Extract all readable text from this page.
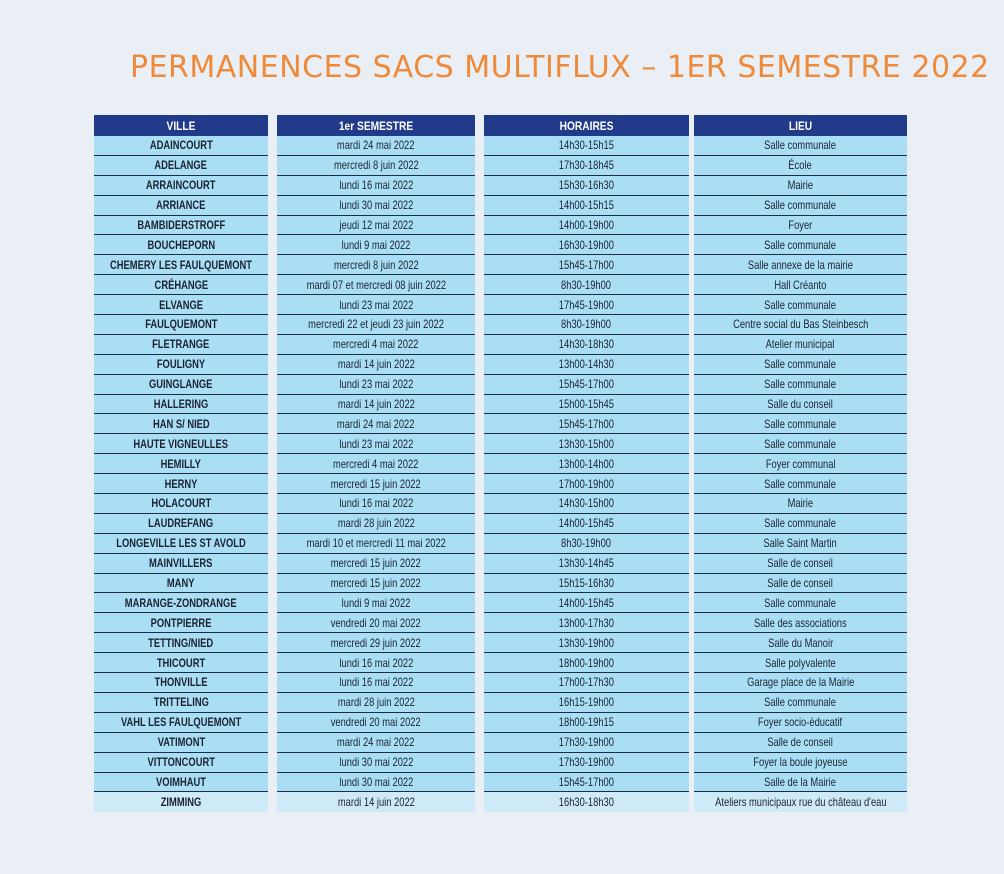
PERMANENCES SACS MULTIFLUX – 1ER SEMESTRE 2022
VILLE
ADAINCOURT
ADELANGE
ARRAINCOURT
ARRIANCE
BAMBIDERSTROFF
BOUCHEPORN
CHEMERY LES FAULQUEMONT
CRÉHANGE
ELVANGE
FAULQUEMONT
FLETRANGE
FOULIGNY
GUINGLANGE
HALLERING
HAN S/ NIED
HAUTE VIGNEULLES
HEMILLY
HERNY
HOLACOURT
LAUDREFANG
LONGEVILLE LES ST AVOLD
MAINVILLERS
MANY
MARANGE-ZONDRANGE
PONTPIERRE
TETTING/NIED
THICOURT
THONVILLE
TRITTELING
VAHL LES FAULQUEMONT
VATIMONT
VITTONCOURT
VOIMHAUT
ZIMMING
1er SEMESTRE
mardi 24 mai 2022
mercredi 8 juin 2022
lundi 16 mai 2022
lundi 30 mai 2022
jeudi 12 mai 2022
lundi 9 mai 2022
mercredi 8 juin 2022
mardi 07 et mercredi 08 juin 2022
lundi 23 mai 2022
mercredi 22 et jeudi 23 juin 2022
mercredi 4 mai 2022
mardi 14 juin 2022
lundi 23 mai 2022
mardi 14 juin 2022
mardi 24 mai 2022
lundi 23 mai 2022
mercredi 4 mai 2022
mercredi 15 juin 2022
lundi 16 mai 2022
mardi 28 juin 2022
mardi 10 et mercredi 11 mai 2022
mercredi 15 juin 2022
mercredi 15 juin 2022
lundi 9 mai 2022
vendredi 20 mai 2022
mercredi 29 juin 2022
lundi 16 mai 2022
lundi 16 mai 2022
mardi 28 juin 2022
vendredi 20 mai 2022
mardi 24 mai 2022
lundi 30 mai 2022
lundi 30 mai 2022
mardi 14 juin 2022
HORAIRES
14h30-15h15
17h30-18h45
15h30-16h30
14h00-15h15
14h00-19h00
16h30-19h00
15h45-17h00
8h30-19h00
17h45-19h00
8h30-19h00
14h30-18h30
13h00-14h30
15h45-17h00
15h00-15h45
15h45-17h00
13h30-15h00
13h00-14h00
17h00-19h00
14h30-15h00
14h00-15h45
8h30-19h00
13h30-14h45
15h15-16h30
14h00-15h45
13h00-17h30
13h30-19h00
18h00-19h00
17h00-17h30
16h15-19h00
18h00-19h15
17h30-19h00
17h30-19h00
15h45-17h00
16h30-18h30
LIEU
Salle communale
École
Mairie
Salle communale
Foyer
Salle communale
Salle annexe de la mairie
Hall Créanto
Salle communale
Centre social du Bas Steinbesch
Atelier municipal
Salle communale
Salle communale
Salle du conseil
Salle communale
Salle communale
Foyer communal
Salle communale
Mairie
Salle communale
Salle Saint Martin
Salle de conseil
Salle de conseil
Salle communale
Salle des associations
Salle du Manoir
Salle polyvalente
Garage place de la Mairie
Salle communale
Foyer socio-éducatif
Salle de conseil
Foyer la boule joyeuse
Salle de la Mairie
Ateliers municipaux rue du château d'eau
